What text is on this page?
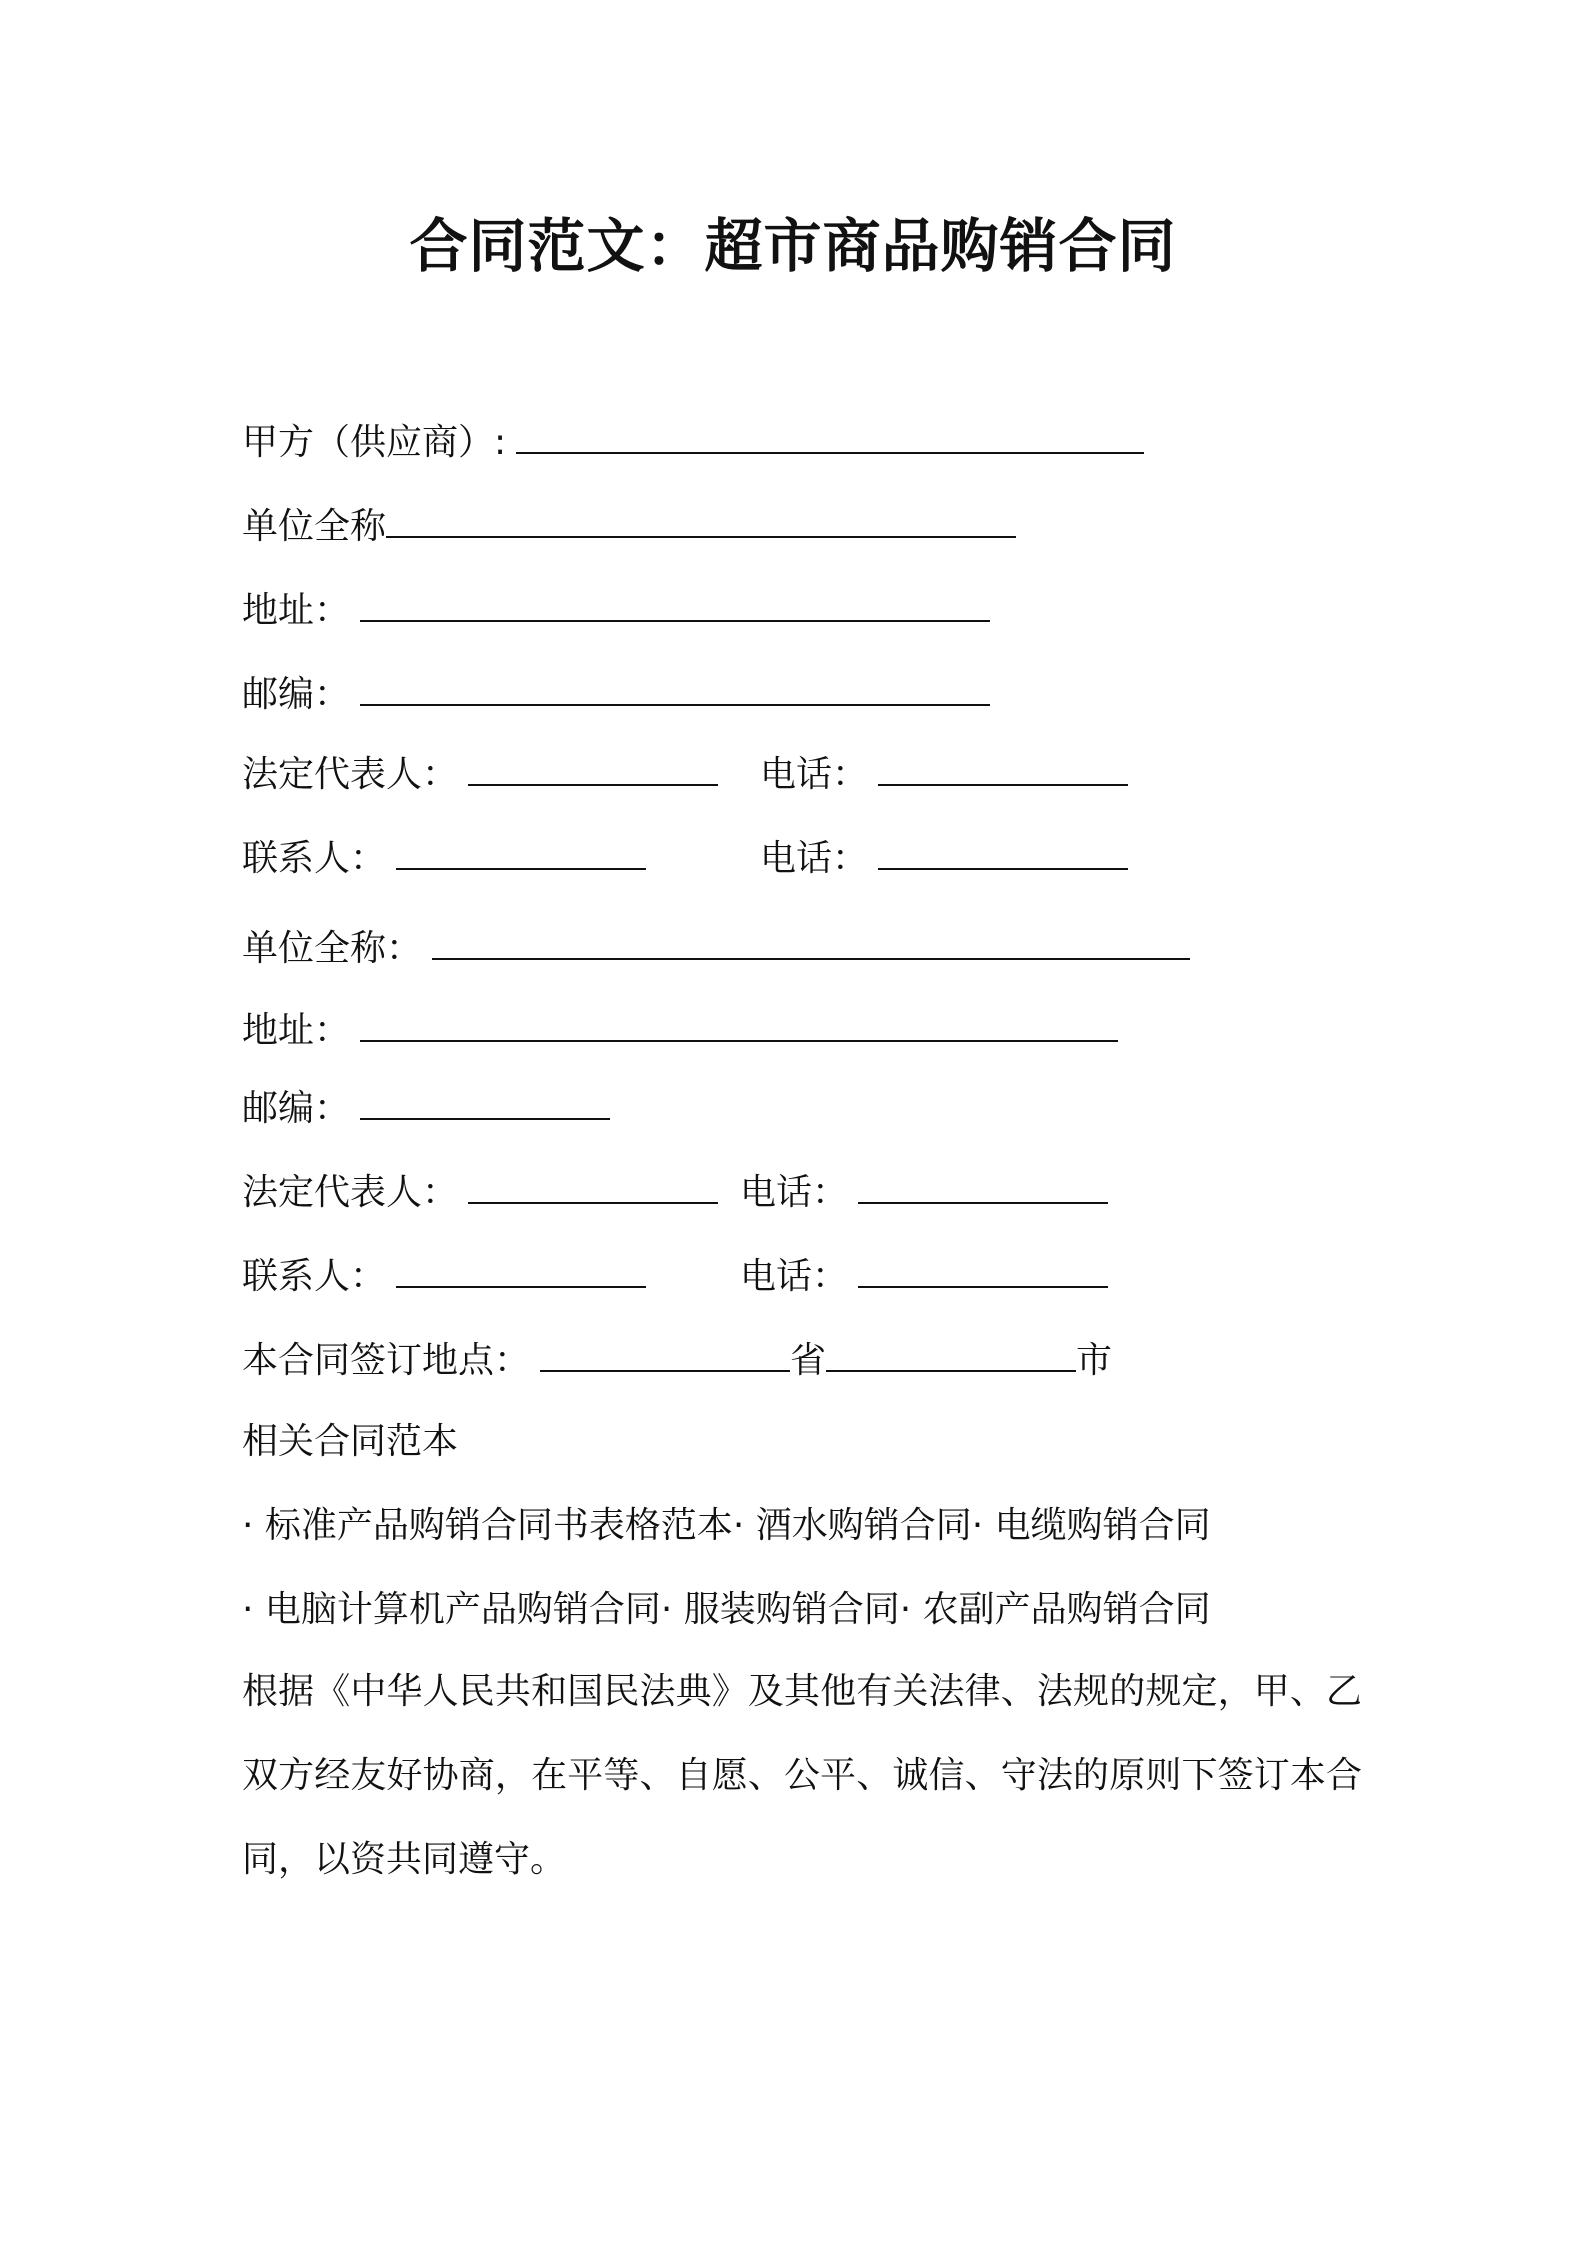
合同范文：超市商品购销合同
甲方（供应商）:
单位全称
地址：
邮编：
法定代表人：	电话：
联系人：	电话：
单位全称：
地址：
邮编：
法定代表人：	电话：
联系人：	电话：
本合同签订地点：	省	市
相关合同范本
· 标准产品购销合同书表格范本· 酒水购销合同· 电缆购销合同
· 电脑计算机产品购销合同· 服装购销合同· 农副产品购销合同
根据《中华人民共和国民法典》及其他有关法律、法规的规定，甲、乙双方经友好协商，在平等、自愿、公平、诚信、守法的原则下签订本合同，以资共同遵守。
